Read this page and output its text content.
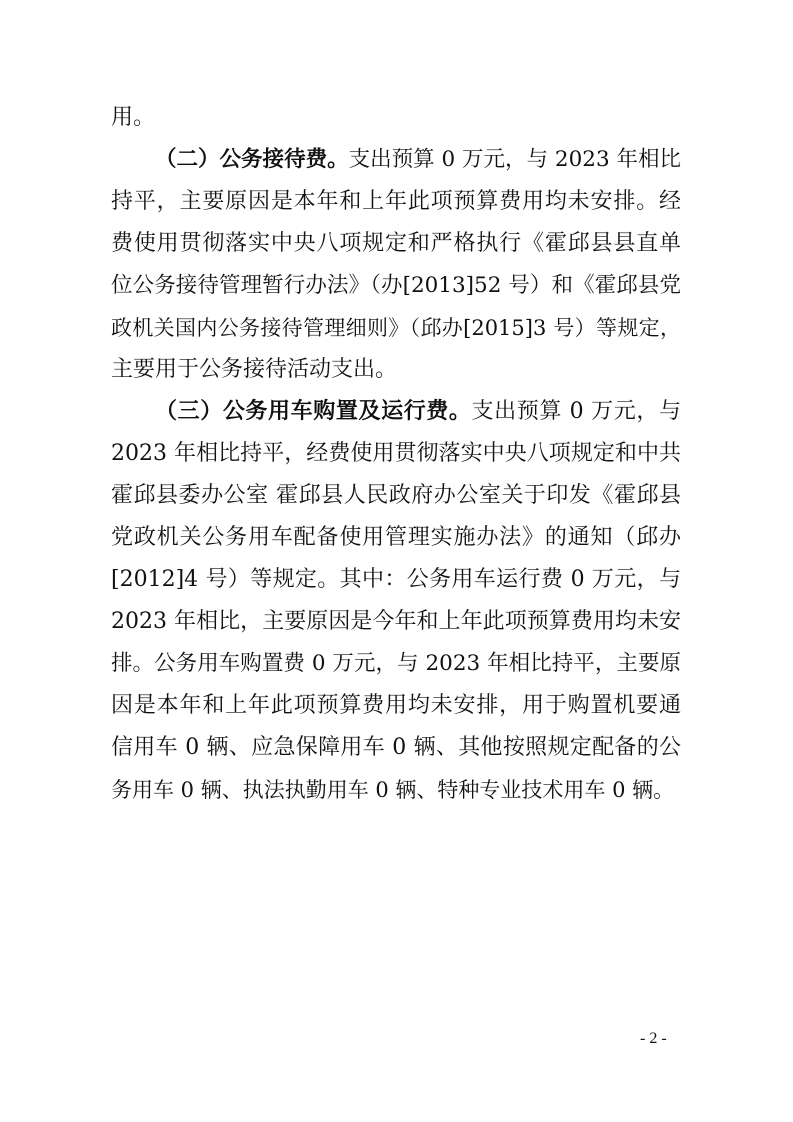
用。
（二）公务接待费。支出预算 0 万元，与 2023 年相比
持平，主要原因是本年和上年此项预算费用均未安排。经
费使用贯彻落实中央八项规定和严格执行《霍邱县县直单
位公务接待管理暂行办法》（办[2013]52 号）和《霍邱县党
政机关国内公务接待管理细则》（邱办[2015]3 号）等规定，
主要用于公务接待活动支出。
（三）公务用车购置及运行费。支出预算 0 万元，与
2023 年相比持平，经费使用贯彻落实中央八项规定和中共
霍邱县委办公室 霍邱县人民政府办公室关于印发《霍邱县
党政机关公务用车配备使用管理实施办法》的通知（邱办
[2012]4 号）等规定。其中：公务用车运行费 0 万元，与
2023 年相比，主要原因是今年和上年此项预算费用均未安
排。公务用车购置费 0 万元，与 2023 年相比持平，主要原
因是本年和上年此项预算费用均未安排，用于购置机要通
信用车 0 辆、应急保障用车 0 辆、其他按照规定配备的公
务用车 0 辆、执法执勤用车 0 辆、特种专业技术用车 0 辆。
- 2 -
